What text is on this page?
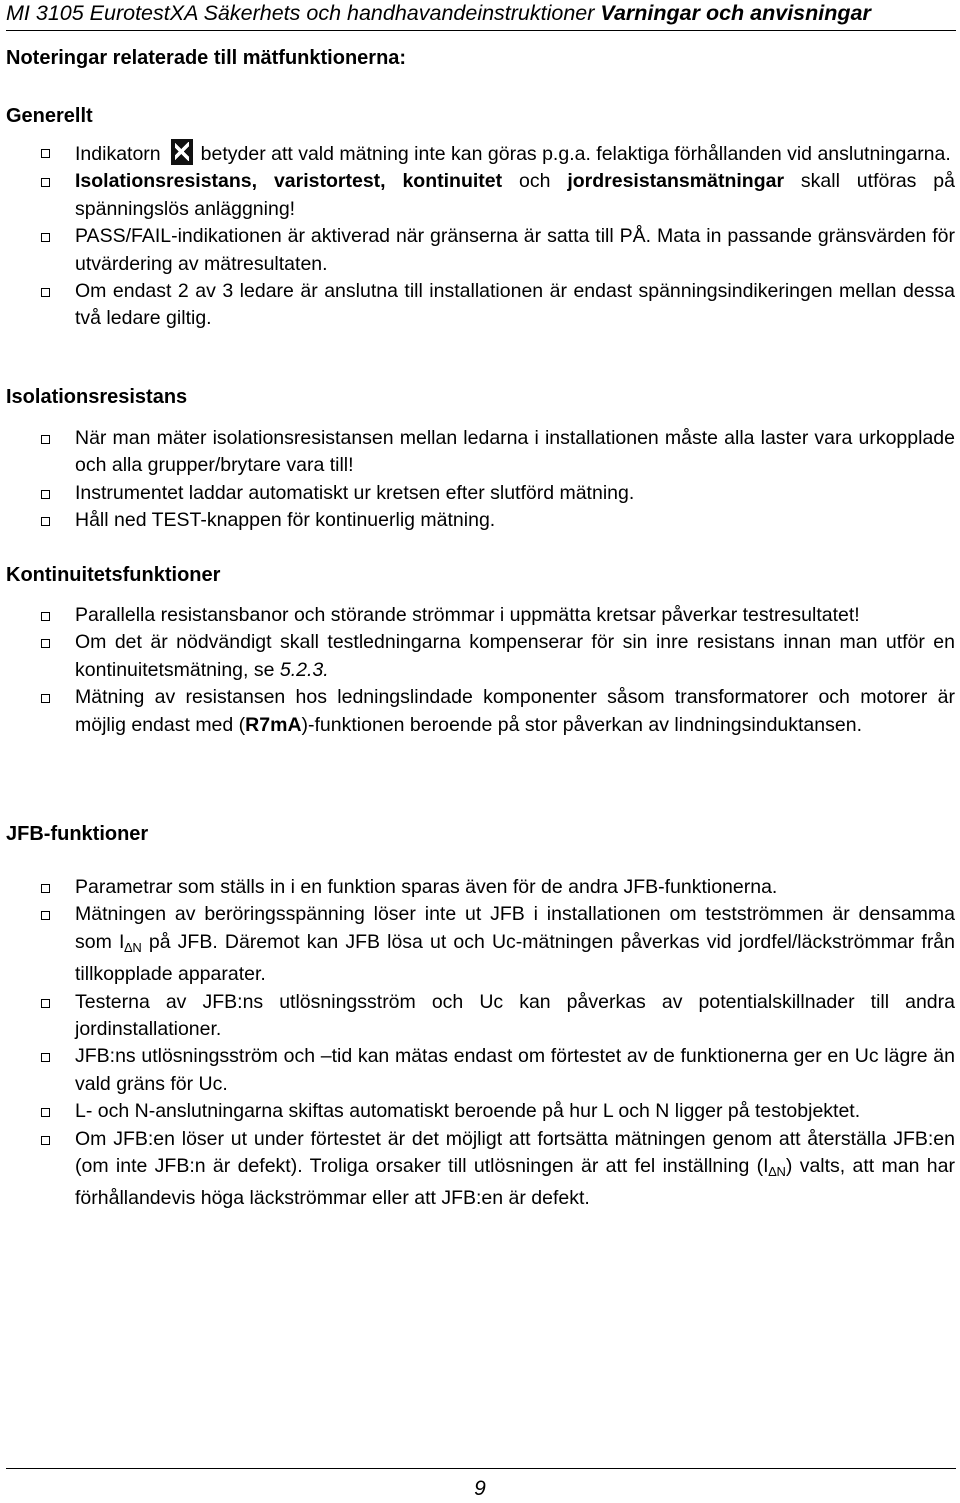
MI 3105 EurotestXA Säkerhets och handhavandeinstruktioner Varningar och anvisningar
Noteringar relaterade till mätfunktionerna:
Generellt
Indikatorn betyder att vald mätning inte kan göras p.g.a. felaktiga förhållanden vid anslutningarna.
Isolationsresistans, varistortest, kontinuitet och jordresistansmätningar skall utföras på spänningslös anläggning!
PASS/FAIL-indikationen är aktiverad när gränserna är satta till PÅ. Mata in passande gränsvärden för utvärdering av mätresultaten.
Om endast 2 av 3 ledare är anslutna till installationen är endast spänningsindikeringen mellan dessa två ledare giltig.
Isolationsresistans
När man mäter isolationsresistansen mellan ledarna i installationen måste alla laster vara urkopplade och alla grupper/brytare vara till!
Instrumentet laddar automatiskt ur kretsen efter slutförd mätning.
Håll ned TEST-knappen för kontinuerlig mätning.
Kontinuitetsfunktioner
Parallella resistansbanor och störande strömmar i uppmätta kretsar påverkar testresultatet!
Om det är nödvändigt skall testledningarna kompenserar för sin inre resistans innan man utför en kontinuitetsmätning, se 5.2.3.
Mätning av resistansen hos ledningslindade komponenter såsom transformatorer och motorer är möjlig endast med (R7mA)-funktionen beroende på stor påverkan av lindningsinduktansen.
JFB-funktioner
Parametrar som ställs in i en funktion sparas även för de andra JFB-funktionerna.
Mätningen av beröringsspänning löser inte ut JFB i installationen om testströmmen är densamma som $I_{\Delta N}$ på JFB. Däremot kan JFB lösa ut och Uc-mätningen påverkas vid jordfel/läckströmmar från tillkopplade apparater.
Testerna av JFB:ns utlösningsström och Uc kan påverkas av potentialskillnader till andra jordinstallationer.
JFB:ns utlösningsström och –tid kan mätas endast om förtestet av de funktionerna ger en Uc lägre än vald gräns för Uc.
L- och N-anslutningarna skiftas automatiskt beroende på hur L och N ligger på testobjektet.
Om JFB:en löser ut under förtestet är det möjligt att fortsätta mätningen genom att återställa JFB:en (om inte JFB:n är defekt). Troliga orsaker till utlösningen är att fel inställning $(I_{\Delta N})$ valts, att man har förhållandevis höga läckströmmar eller att JFB:en är defekt.
9
